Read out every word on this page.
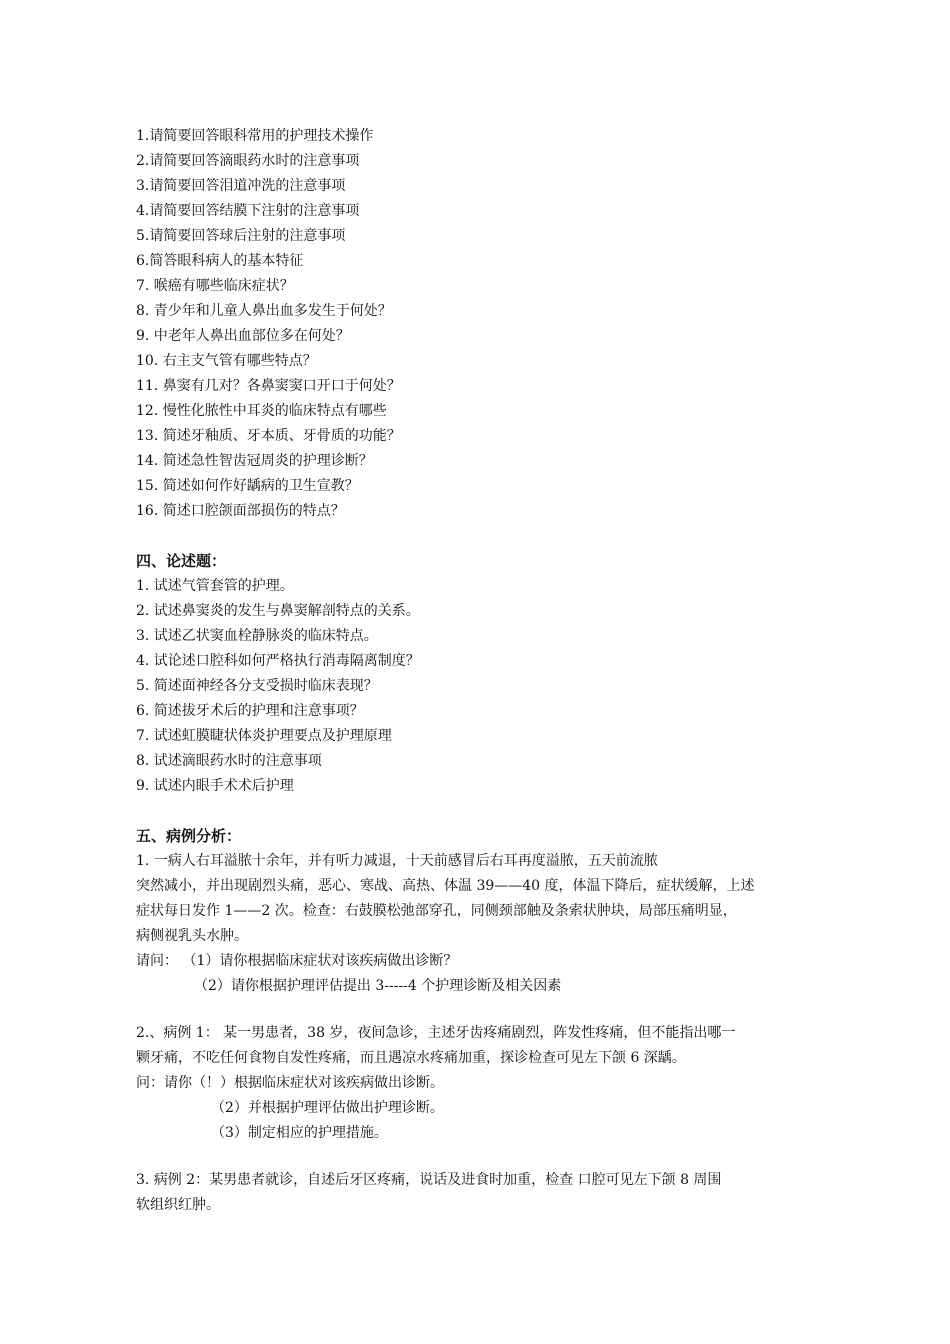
1.请简要回答眼科常用的护理技术操作
2.请简要回答滴眼药水时的注意事项
3.请简要回答泪道冲洗的注意事项
4.请简要回答结膜下注射的注意事项
5.请简要回答球后注射的注意事项
6.简答眼科病人的基本特征
7. 喉癌有哪些临床症状？
8. 青少年和儿童人鼻出血多发生于何处？
9. 中老年人鼻出血部位多在何处？
10. 右主支气管有哪些特点？
11. 鼻窦有几对？各鼻窦窦口开口于何处？
12. 慢性化脓性中耳炎的临床特点有哪些
13. 简述牙釉质、牙本质、牙骨质的功能？
14. 简述急性智齿冠周炎的护理诊断？
15. 简述如何作好龋病的卫生宣教？
16. 简述口腔颌面部损伤的特点？
四、论述题：
1. 试述气管套管的护理。
2. 试述鼻窦炎的发生与鼻窦解剖特点的关系。
3. 试述乙状窦血栓静脉炎的临床特点。
4. 试论述口腔科如何严格执行消毒隔离制度？
5. 简述面神经各分支受损时临床表现？
6. 简述拔牙术后的护理和注意事项？
7. 试述虹膜睫状体炎护理要点及护理原理
8. 试述滴眼药水时的注意事项
9. 试述内眼手术术后护理
五、病例分析：
1. 一病人右耳溢脓十余年，并有听力减退，十天前感冒后右耳再度溢脓，五天前流脓
突然减小，并出现剧烈头痛，恶心、寒战、高热、体温 39——40 度，体温下降后，症状缓解，上述
症状每日发作 1——2 次。检查：右鼓膜松弛部穿孔，同侧颈部触及条索状肿块，局部压痛明显，
病侧视乳头水肿。
请问： （1）请你根据临床症状对该疾病做出诊断？
（2）请你根据护理评估提出 3-----4 个护理诊断及相关因素
2.、病例 1： 某一男患者，38 岁，夜间急诊，主述牙齿疼痛剧烈，阵发性疼痛，但不能指出哪一
颗牙痛，不吃任何食物自发性疼痛，而且遇凉水疼痛加重，探诊检查可见左下颌 6 深龋。
问：请你（！）根据临床症状对该疾病做出诊断。
（2）并根据护理评估做出护理诊断。
（3）制定相应的护理措施。
3. 病例 2：某男患者就诊，自述后牙区疼痛，说话及进食时加重，检查 口腔可见左下颌 8 周围
软组织红肿。
